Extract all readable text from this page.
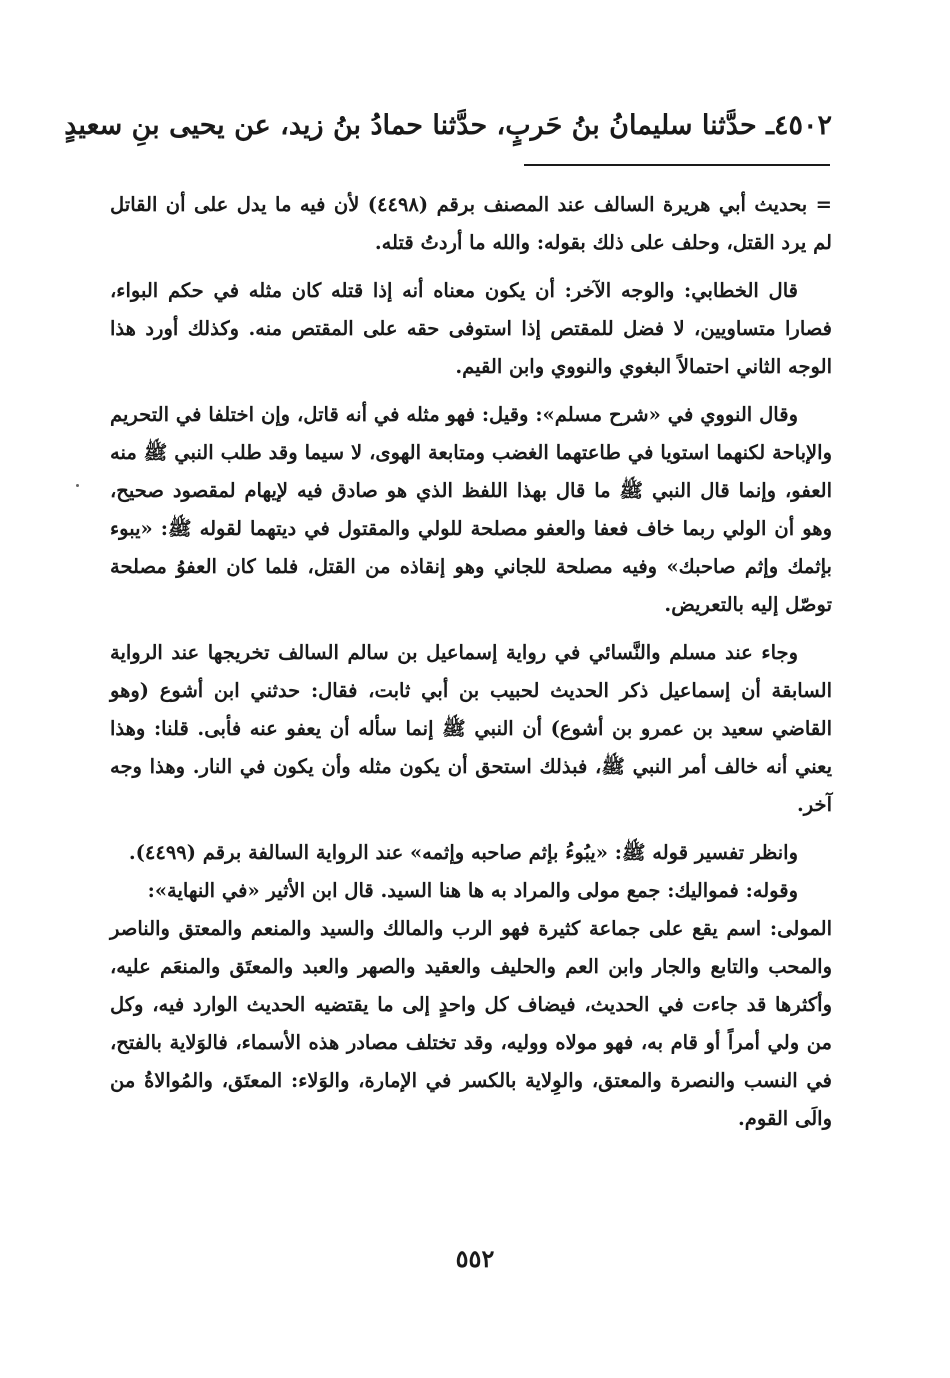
٤٥٠٢ـ حدَّثنا سليمانُ بنُ حَربٍ، حدَّثنا حمادُ بنُ زيد، عن يحيى بنِ سعيدٍ

= بحديث أبي هريرة السالف عند المصنف برقم (٤٤٩٨) لأن فيه ما يدل على أن القاتل لم يرد القتل، وحلف على ذلك بقوله: والله ما أردتُ قتله.

قال الخطابي: والوجه الآخر: أن يكون معناه أنه إذا قتله كان مثله في حكم البواء، فصارا متساويين، لا فضل للمقتص إذا استوفى حقه على المقتص منه. وكذلك أورد هذا الوجه الثاني احتمالاً البغوي والنووي وابن القيم.

وقال النووي في «شرح مسلم»: وقيل: فهو مثله في أنه قاتل، وإن اختلفا في التحريم والإباحة لكنهما استويا في طاعتهما الغضب ومتابعة الهوى، لا سيما وقد طلب النبي ﷺ منه العفو، وإنما قال النبي ﷺ ما قال بهذا اللفظ الذي هو صادق فيه لإيهام لمقصود صحيح، وهو أن الولي ربما خاف فعفا والعفو مصلحة للولي والمقتول في ديتهما لقوله ﷺ: «يبوء بإثمك وإثم صاحبك» وفيه مصلحة للجاني وهو إنقاذه من القتل، فلما كان العفوُ مصلحة توصّل إليه بالتعريض.

وجاء عند مسلم والنَّسائي في رواية إسماعيل بن سالم السالف تخريجها عند الرواية السابقة أن إسماعيل ذكر الحديث لحبيب بن أبي ثابت، فقال: حدثني ابن أشوع (وهو القاضي سعيد بن عمرو بن أشوع) أن النبي ﷺ إنما سأله أن يعفو عنه فأبى. قلنا: وهذا يعني أنه خالف أمر النبي ﷺ، فبذلك استحق أن يكون مثله وأن يكون في النار. وهذا وجه آخر.

وانظر تفسير قوله ﷺ: «يبُوءُ بإثم صاحبه وإثمه» عند الرواية السالفة برقم (٤٤٩٩).

وقوله: فمواليك: جمع مولى والمراد به ها هنا السيد. قال ابن الأثير «في النهاية»:

المولى: اسم يقع على جماعة كثيرة فهو الرب والمالك والسيد والمنعم والمعتق والناصر والمحب والتابع والجار وابن العم والحليف والعقيد والصهر والعبد والمعتَق والمنعَم عليه، وأكثرها قد جاءت في الحديث، فيضاف كل واحدٍ إلى ما يقتضيه الحديث الوارد فيه، وكل من ولي أمراً أو قام به، فهو مولاه ووليه، وقد تختلف مصادر هذه الأسماء، فالوَلاية بالفتح، في النسب والنصرة والمعتق، والوِلاية بالكسر في الإمارة، والوَلاء: المعتَق، والمُوالاةُ من والَى القوم.

٥٥٢
